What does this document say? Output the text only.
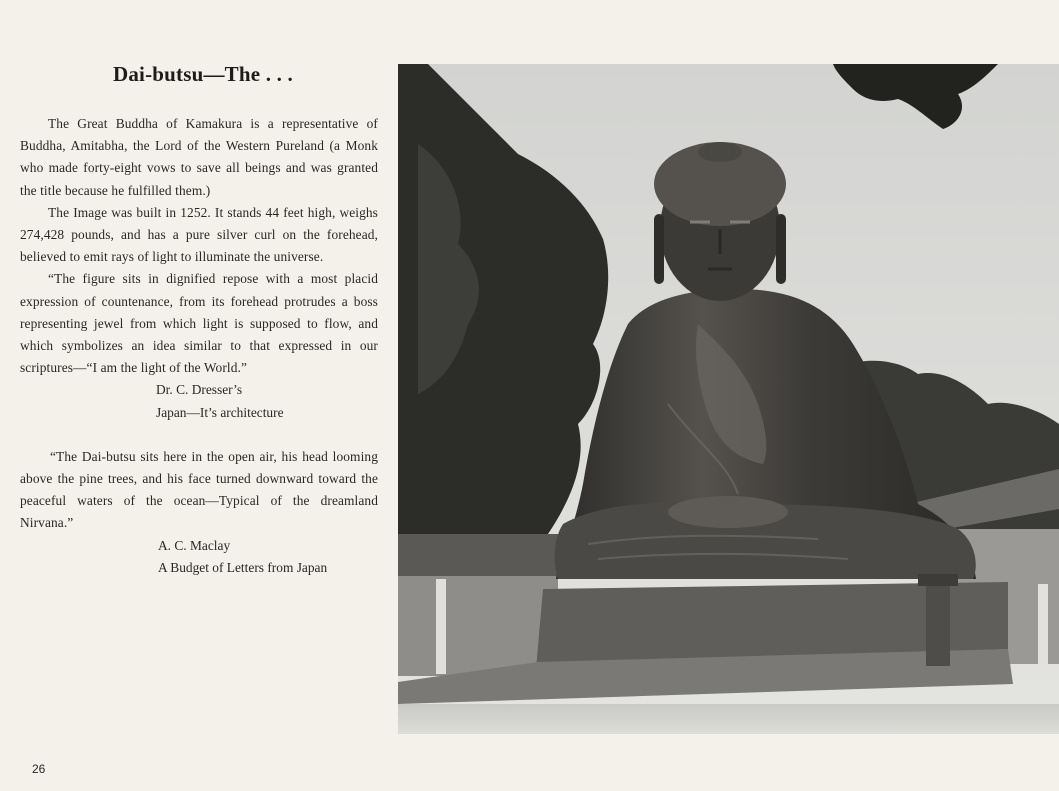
Dai-butsu—The . . .

The Great Buddha of Kamakura is a representative of Buddha, Amitabha, the Lord of the Western Pureland (a Monk who made forty-eight vows to save all beings and was granted the title because he fulfilled them.)

The Image was built in 1252. It stands 44 feet high, weighs 274,428 pounds, and has a pure silver curl on the forehead, believed to emit rays of light to illuminate the universe.

“The figure sits in dignified repose with a most placid expression of countenance, from its forehead protrudes a boss representing jewel from which light is supposed to flow, and which symbolizes an idea similar to that expressed in our scriptures—“I am the light of the World.”

Dr. C. Dresser’s

Japan—It’s architecture

“The Dai-butsu sits here in the open air, his head looming above the pine trees, and his face turned downward toward the peaceful waters of the ocean—Typical of the dreamland Nirvana.”

A. C. Maclay

A Budget of Letters from Japan

26
